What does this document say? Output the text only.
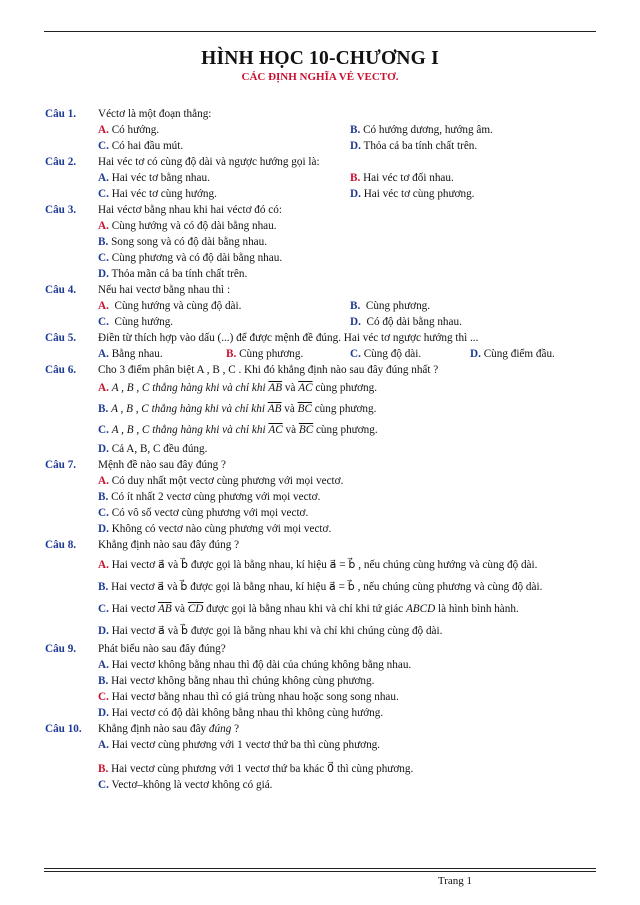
HÌNH HỌC 10-CHƯƠNG I
CÁC ĐỊNH NGHĨA VÉ VECTƠ.
Câu 1.	Véctơ là một đoạn thẳng:
A. Có hướng.	B. Có hướng dương, hướng âm.
C. Có hai đầu mút.	D. Thỏa cả ba tính chất trên.
Câu 2.	Hai véc tơ có cùng độ dài và ngược hướng gọi là:
A. Hai véc tơ bằng nhau.	B. Hai véc tơ đối nhau.
C. Hai véc tơ cùng hướng.	D. Hai véc tơ cùng phương.
Câu 3.	Hai véctơ bằng nhau khi hai véctơ đó có:
A. Cùng hướng và có độ dài bằng nhau.
B. Song song và có độ dài bằng nhau.
C. Cùng phương và có độ dài bằng nhau.
D. Thỏa mãn cả ba tính chất trên.
Câu 4.	Nếu hai vectơ bằng nhau thì :
A. Cùng hướng và cùng độ dài.	B. Cùng phương.
C. Cùng hướng.	D. Có độ dài bằng nhau.
Câu 5.	Điền từ thích hợp vào dấu (...) để được mệnh đề đúng. Hai véc tơ ngược hướng thì ...
A. Bằng nhau.	B. Cùng phương.	C. Cùng độ dài.	D. Cùng điểm đầu.
Câu 6.	Cho 3 điểm phân biệt A , B , C . Khi đó khẳng định nào sau đây đúng nhất ?
A. A , B , C thẳng hàng khi và chỉ khi $\overline{AB}$ và $\overline{AC}$ cùng phương.
B. A , B , C thẳng hàng khi và chỉ khi $\overline{AB}$ và $\overline{BC}$ cùng phương.
C. A , B , C thẳng hàng khi và chỉ khi $\overline{AC}$ và $\overline{BC}$ cùng phương.
D. Cả A, B, C đều đúng.
Câu 7.	Mệnh đề nào sau đây đúng ?
A. Có duy nhất một vectơ cùng phương với mọi vectơ.
B. Có ít nhất 2 vectơ cùng phương với mọi vectơ.
C. Có vô số vectơ cùng phương với mọi vectơ.
D. Không có vectơ nào cùng phương với mọi vectơ.
Câu 8.	Khẳng định nào sau đây đúng ?
A. Hai vectơ a⃗ và b⃗ được gọi là bằng nhau, kí hiệu a⃗ = b⃗ , nếu chúng cùng hướng và cùng độ dài.
B. Hai vectơ a⃗ và b⃗ được gọi là bằng nhau, kí hiệu a⃗ = b⃗ , nếu chúng cùng phương và cùng độ dài.
C. Hai vectơ $\overline{AB}$ và $\overline{CD}$ được gọi là bằng nhau khi và chỉ khi tứ giác ABCD là hình bình hành.
D. Hai vectơ a⃗ và b⃗ được gọi là bằng nhau khi và chỉ khi chúng cùng độ dài.
Câu 9.	Phát biểu nào sau đây đúng?
A. Hai vectơ không bằng nhau thì độ dài của chúng không bằng nhau.
B. Hai vectơ không bằng nhau thì chúng không cùng phương.
C. Hai vectơ bằng nhau thì có giá trùng nhau hoặc song song nhau.
D. Hai vectơ có độ dài không bằng nhau thì không cùng hướng.
Câu 10.	Khẳng định nào sau đây đúng ?
A. Hai vectơ cùng phương với 1 vectơ thứ ba thì cùng phương.
B. Hai vectơ cùng phương với 1 vectơ thứ ba khác 0⃗ thì cùng phương.
C. Vectơ–không là vectơ không có giá.
Trang 1
